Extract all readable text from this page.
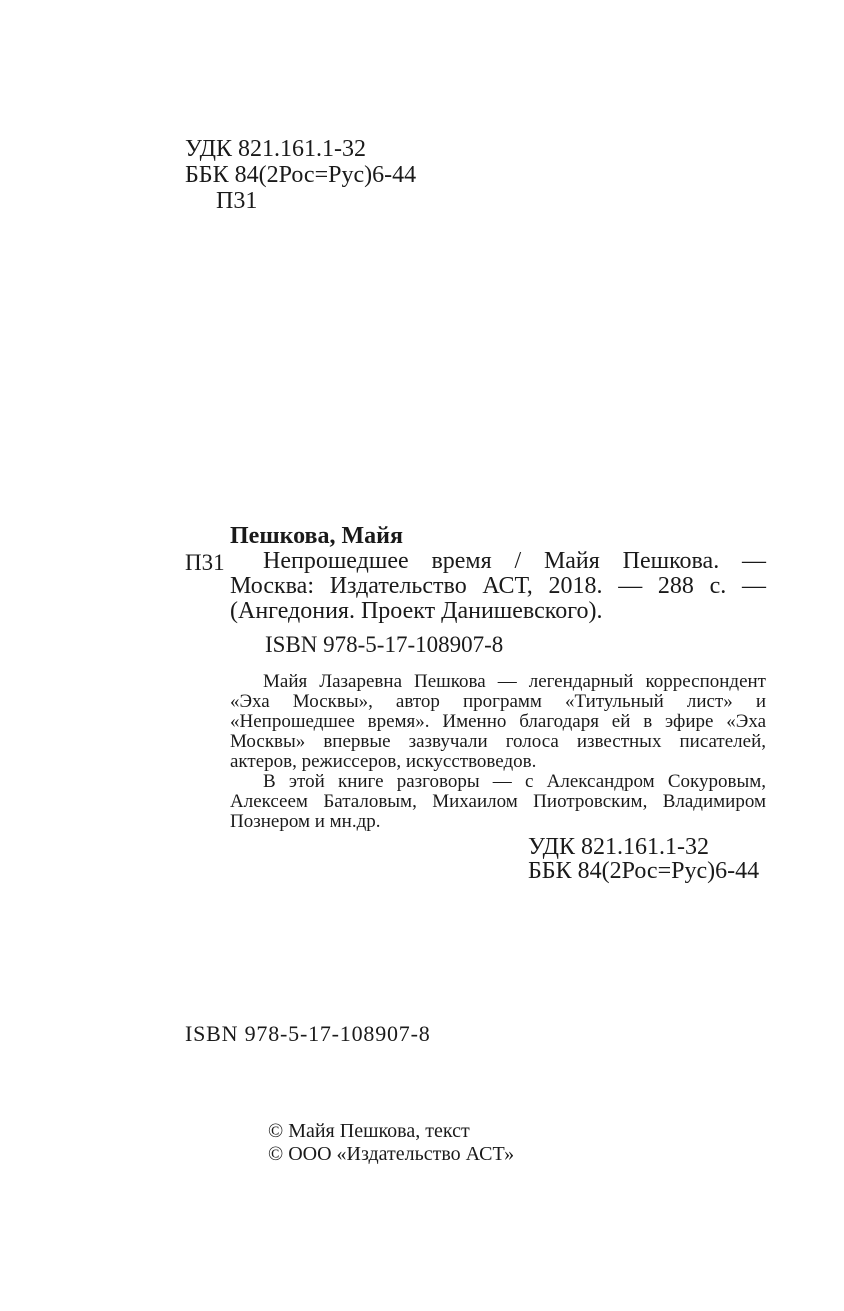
УДК 821.161.1-32
ББК 84(2Рос=Рус)6-44
П31
Пешкова, Майя
П31	Непрошедшее время / Майя Пешкова. — Москва: Издательство АСТ, 2018. — 288 с. — (Ангедония. Проект Данишевского).

ISBN 978-5-17-108907-8

Майя Лазаревна Пешкова — легендарный корреспондент «Эха Москвы», автор программ «Титульный лист» и «Непрошедшее время». Именно благодаря ей в эфире «Эха Москвы» впервые зазвучали голоса известных писателей, актеров, режиссеров, искусствоведов.

В этой книге разговоры — с Александром Сокуровым, Алексеем Баталовым, Михаилом Пиотровским, Владимиром Познером и мн.др.

УДК 821.161.1-32
ББК 84(2Рос=Рус)6-44
ISBN 978-5-17-108907-8
© Майя Пешкова, текст
© ООО «Издательство АСТ»
